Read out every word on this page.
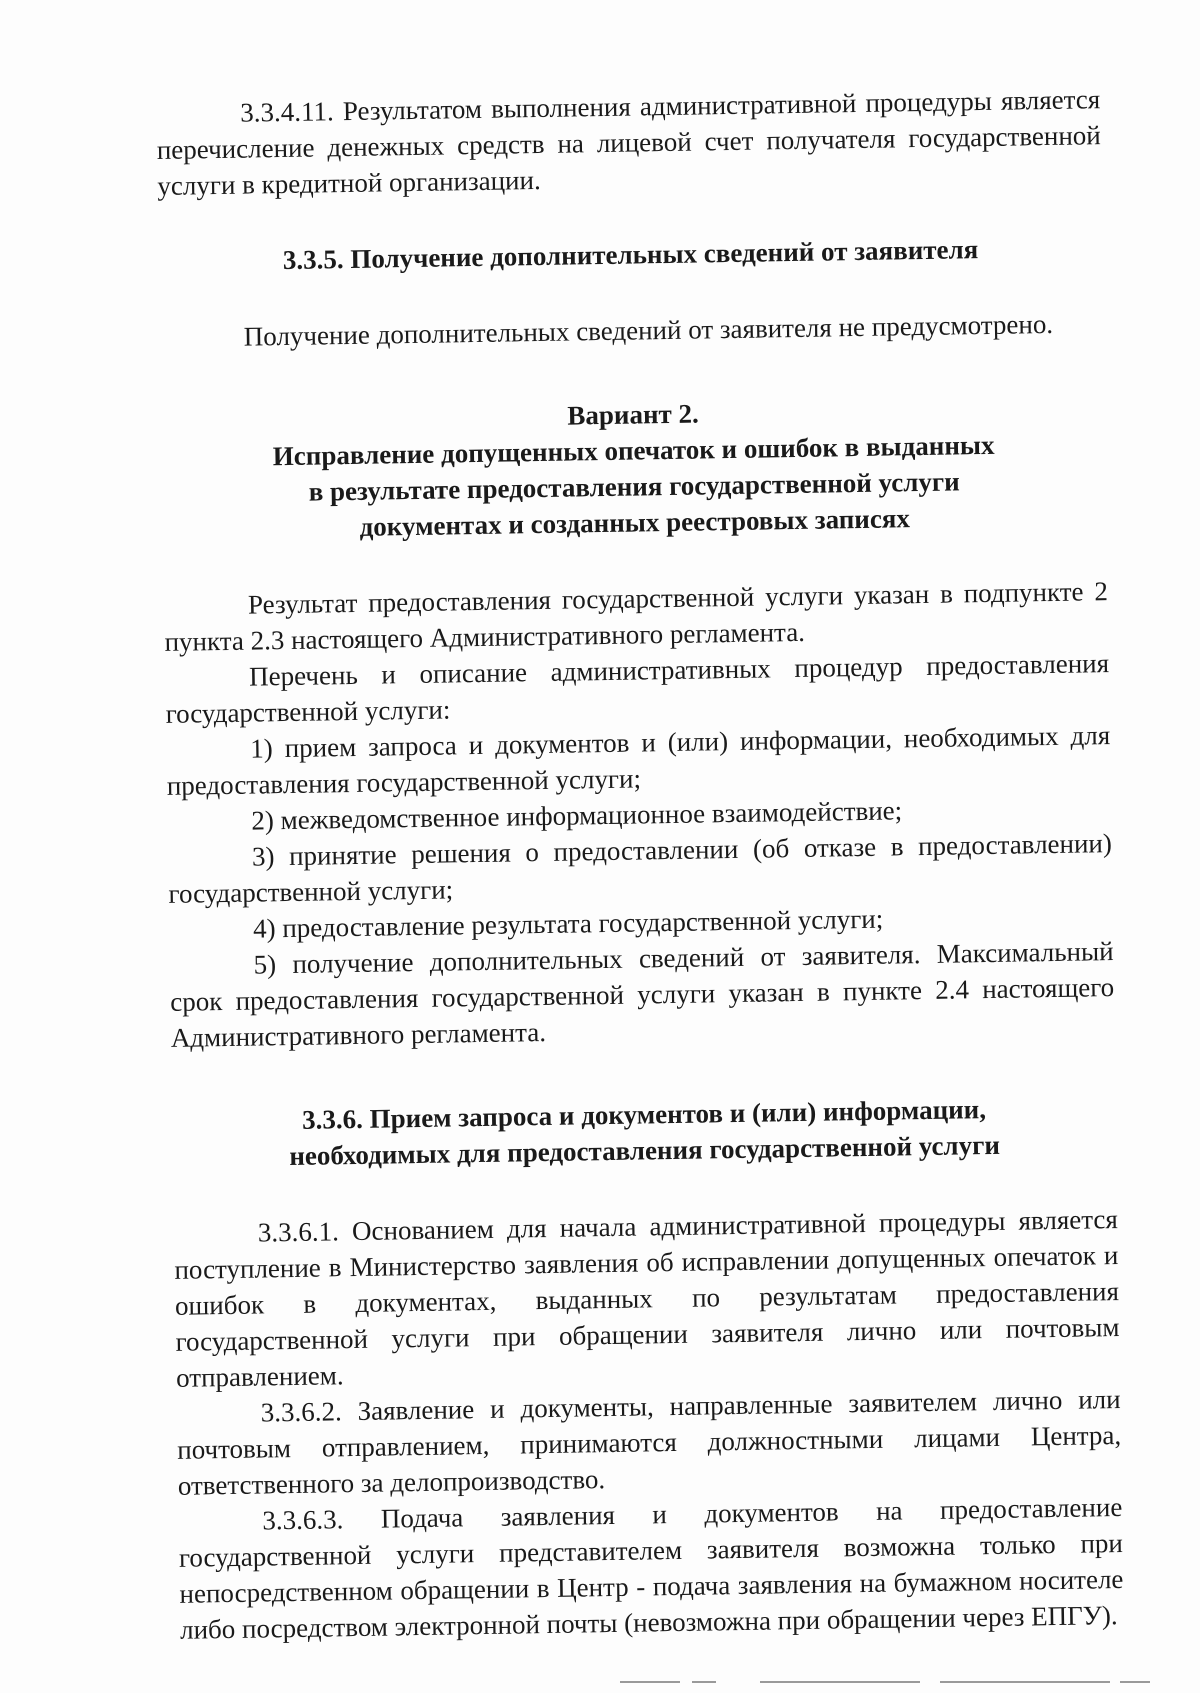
3.3.4.11. Результатом выполнения административной процедуры является перечисление денежных средств на лицевой счет получателя государственной услуги в кредитной организации.

3.3.5. Получение дополнительных сведений от заявителя

Получение дополнительных сведений от заявителя не предусмотрено.

Вариант 2.

Исправление допущенных опечаток и ошибок в выданных

в результате предоставления государственной услуги

документах и созданных реестровых записях

Результат предоставления государственной услуги указан в подпункте 2 пункта 2.3 настоящего Административного регламента.

Перечень и описание административных процедур предоставления государственной услуги:

1) прием запроса и документов и (или) информации, необходимых для предоставления государственной услуги;

2) межведомственное информационное взаимодействие;

3) принятие решения о предоставлении (об отказе в предоставлении) государственной услуги;

4) предоставление результата государственной услуги;

5) получение дополнительных сведений от заявителя. Максимальный срок предоставления государственной услуги указан в пункте 2.4 настоящего Административного регламента.

3.3.6. Прием запроса и документов и (или) информации,

необходимых для предоставления государственной услуги

3.3.6.1. Основанием для начала административной процедуры является поступление в Министерство заявления об исправлении допущенных опечаток и ошибок в документах, выданных по результатам предоставления государственной услуги при обращении заявителя лично или почтовым отправлением.

3.3.6.2. Заявление и документы, направленные заявителем лично или почтовым отправлением, принимаются должностными лицами Центра, ответственного за делопроизводство.

3.3.6.3. Подача заявления и документов на предоставление государственной услуги представителем заявителя возможна только при непосредственном обращении в Центр - подача заявления на бумажном носителе либо посредством электронной почты (невозможна при обращении через ЕПГУ).
